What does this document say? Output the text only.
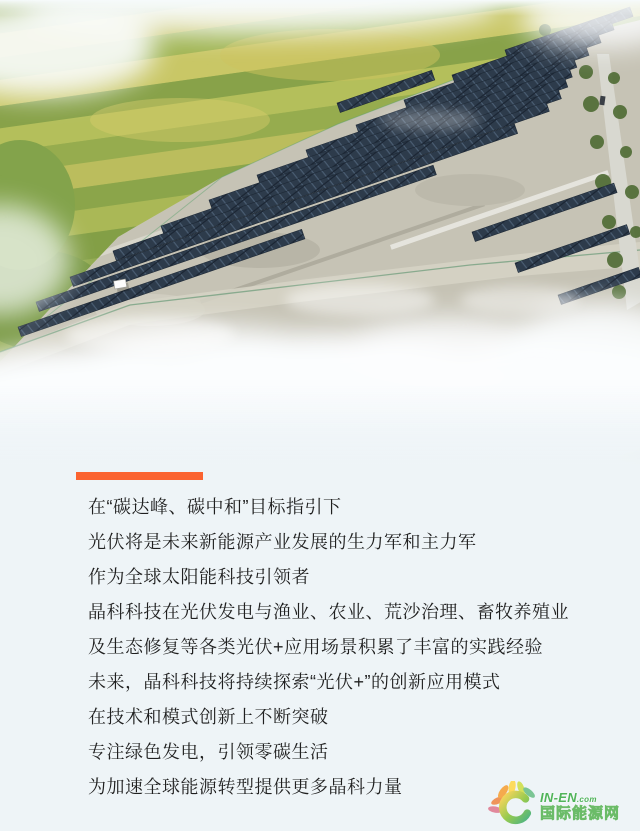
在“碳达峰、碳中和”目标指引下

光伏将是未来新能源产业发展的生力军和主力军

作为全球太阳能科技引领者

晶科科技在光伏发电与渔业、农业、荒沙治理、畜牧养殖业

及生态修复等各类光伏+应用场景积累了丰富的实践经验

未来，晶科科技将持续探索“光伏+”的创新应用模式

在技术和模式创新上不断突破

专注绿色发电，引领零碳生活

为加速全球能源转型提供更多晶科力量

IN-EN.com
国际能源网
